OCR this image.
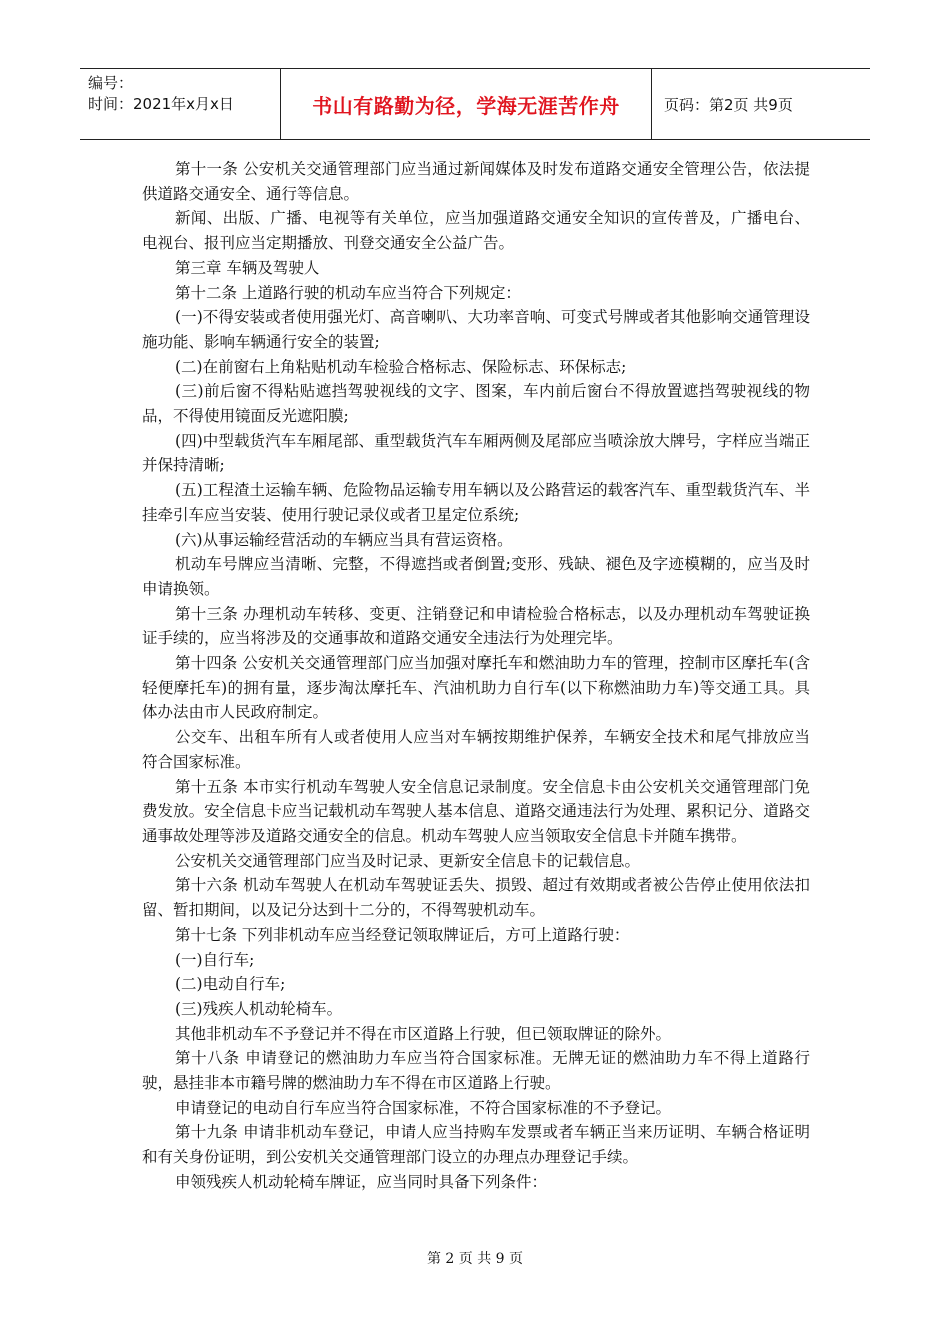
编号：
时间：2021年x月x日	书山有路勤为径，学海无涯苦作舟	页码：第2页 共9页

第十一条 公安机关交通管理部门应当通过新闻媒体及时发布道路交通安全管理公告，依法提供道路交通安全、通行等信息。

新闻、出版、广播、电视等有关单位，应当加强道路交通安全知识的宣传普及，广播电台、电视台、报刊应当定期播放、刊登交通安全公益广告。

第三章 车辆及驾驶人

第十二条 上道路行驶的机动车应当符合下列规定：

(一)不得安装或者使用强光灯、高音喇叭、大功率音响、可变式号牌或者其他影响交通管理设施功能、影响车辆通行安全的装置;

(二)在前窗右上角粘贴机动车检验合格标志、保险标志、环保标志;

(三)前后窗不得粘贴遮挡驾驶视线的文字、图案，车内前后窗台不得放置遮挡驾驶视线的物品，不得使用镜面反光遮阳膜;

(四)中型载货汽车车厢尾部、重型载货汽车车厢两侧及尾部应当喷涂放大牌号，字样应当端正并保持清晰;

(五)工程渣土运输车辆、危险物品运输专用车辆以及公路营运的载客汽车、重型载货汽车、半挂牵引车应当安装、使用行驶记录仪或者卫星定位系统;

(六)从事运输经营活动的车辆应当具有营运资格。

机动车号牌应当清晰、完整，不得遮挡或者倒置;变形、残缺、褪色及字迹模糊的，应当及时申请换领。

第十三条 办理机动车转移、变更、注销登记和申请检验合格标志，以及办理机动车驾驶证换证手续的，应当将涉及的交通事故和道路交通安全违法行为处理完毕。

第十四条 公安机关交通管理部门应当加强对摩托车和燃油助力车的管理，控制市区摩托车(含轻便摩托车)的拥有量，逐步淘汰摩托车、汽油机助力自行车(以下称燃油助力车)等交通工具。具体办法由市人民政府制定。

公交车、出租车所有人或者使用人应当对车辆按期维护保养，车辆安全技术和尾气排放应当符合国家标准。

第十五条 本市实行机动车驾驶人安全信息记录制度。安全信息卡由公安机关交通管理部门免费发放。安全信息卡应当记载机动车驾驶人基本信息、道路交通违法行为处理、累积记分、道路交通事故处理等涉及道路交通安全的信息。机动车驾驶人应当领取安全信息卡并随车携带。

公安机关交通管理部门应当及时记录、更新安全信息卡的记载信息。

第十六条 机动车驾驶人在机动车驾驶证丢失、损毁、超过有效期或者被公告停止使用依法扣留、暂扣期间，以及记分达到十二分的，不得驾驶机动车。

第十七条 下列非机动车应当经登记领取牌证后，方可上道路行驶：

(一)自行车;

(二)电动自行车;

(三)残疾人机动轮椅车。

其他非机动车不予登记并不得在市区道路上行驶，但已领取牌证的除外。

第十八条 申请登记的燃油助力车应当符合国家标准。无牌无证的燃油助力车不得上道路行驶，悬挂非本市籍号牌的燃油助力车不得在市区道路上行驶。

申请登记的电动自行车应当符合国家标准，不符合国家标准的不予登记。

第十九条 申请非机动车登记，申请人应当持购车发票或者车辆正当来历证明、车辆合格证明和有关身份证明，到公安机关交通管理部门设立的办理点办理登记手续。

申领残疾人机动轮椅车牌证，应当同时具备下列条件：

第 2 页 共 9 页
